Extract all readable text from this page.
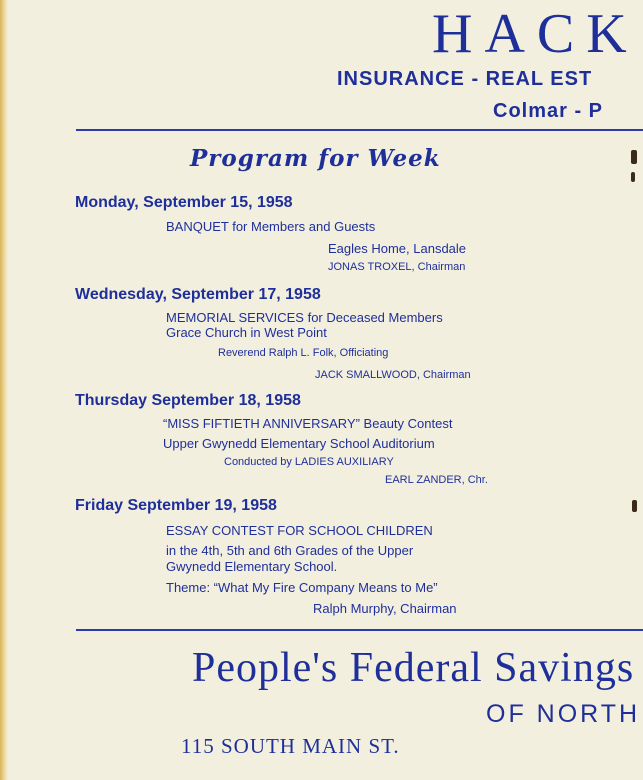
HACK
INSURANCE - REAL EST
Colmar - P
Program for Week
Monday, September 15, 1958
BANQUET for Members and Guests
Eagles Home, Lansdale
JONAS TROXEL, Chairman
Wednesday, September 17, 1958
MEMORIAL SERVICES for Deceased Members
Grace Church in West Point
Reverend Ralph L. Folk, Officiating
JACK SMALLWOOD, Chairman
Thursday September 18, 1958
“MISS FIFTIETH ANNIVERSARY” Beauty Contest
Upper Gwynedd Elementary School Auditorium
Conducted by LADIES AUXILIARY
EARL ZANDER, Chr.
Friday September 19, 1958
ESSAY CONTEST FOR SCHOOL CHILDREN
in the 4th, 5th and 6th Grades of the Upper
Gwynedd Elementary School.
Theme: “What My Fire Company Means to Me”
Ralph Murphy, Chairman
People's Federal Savings
OF NORTH
115 SOUTH MAIN ST.
